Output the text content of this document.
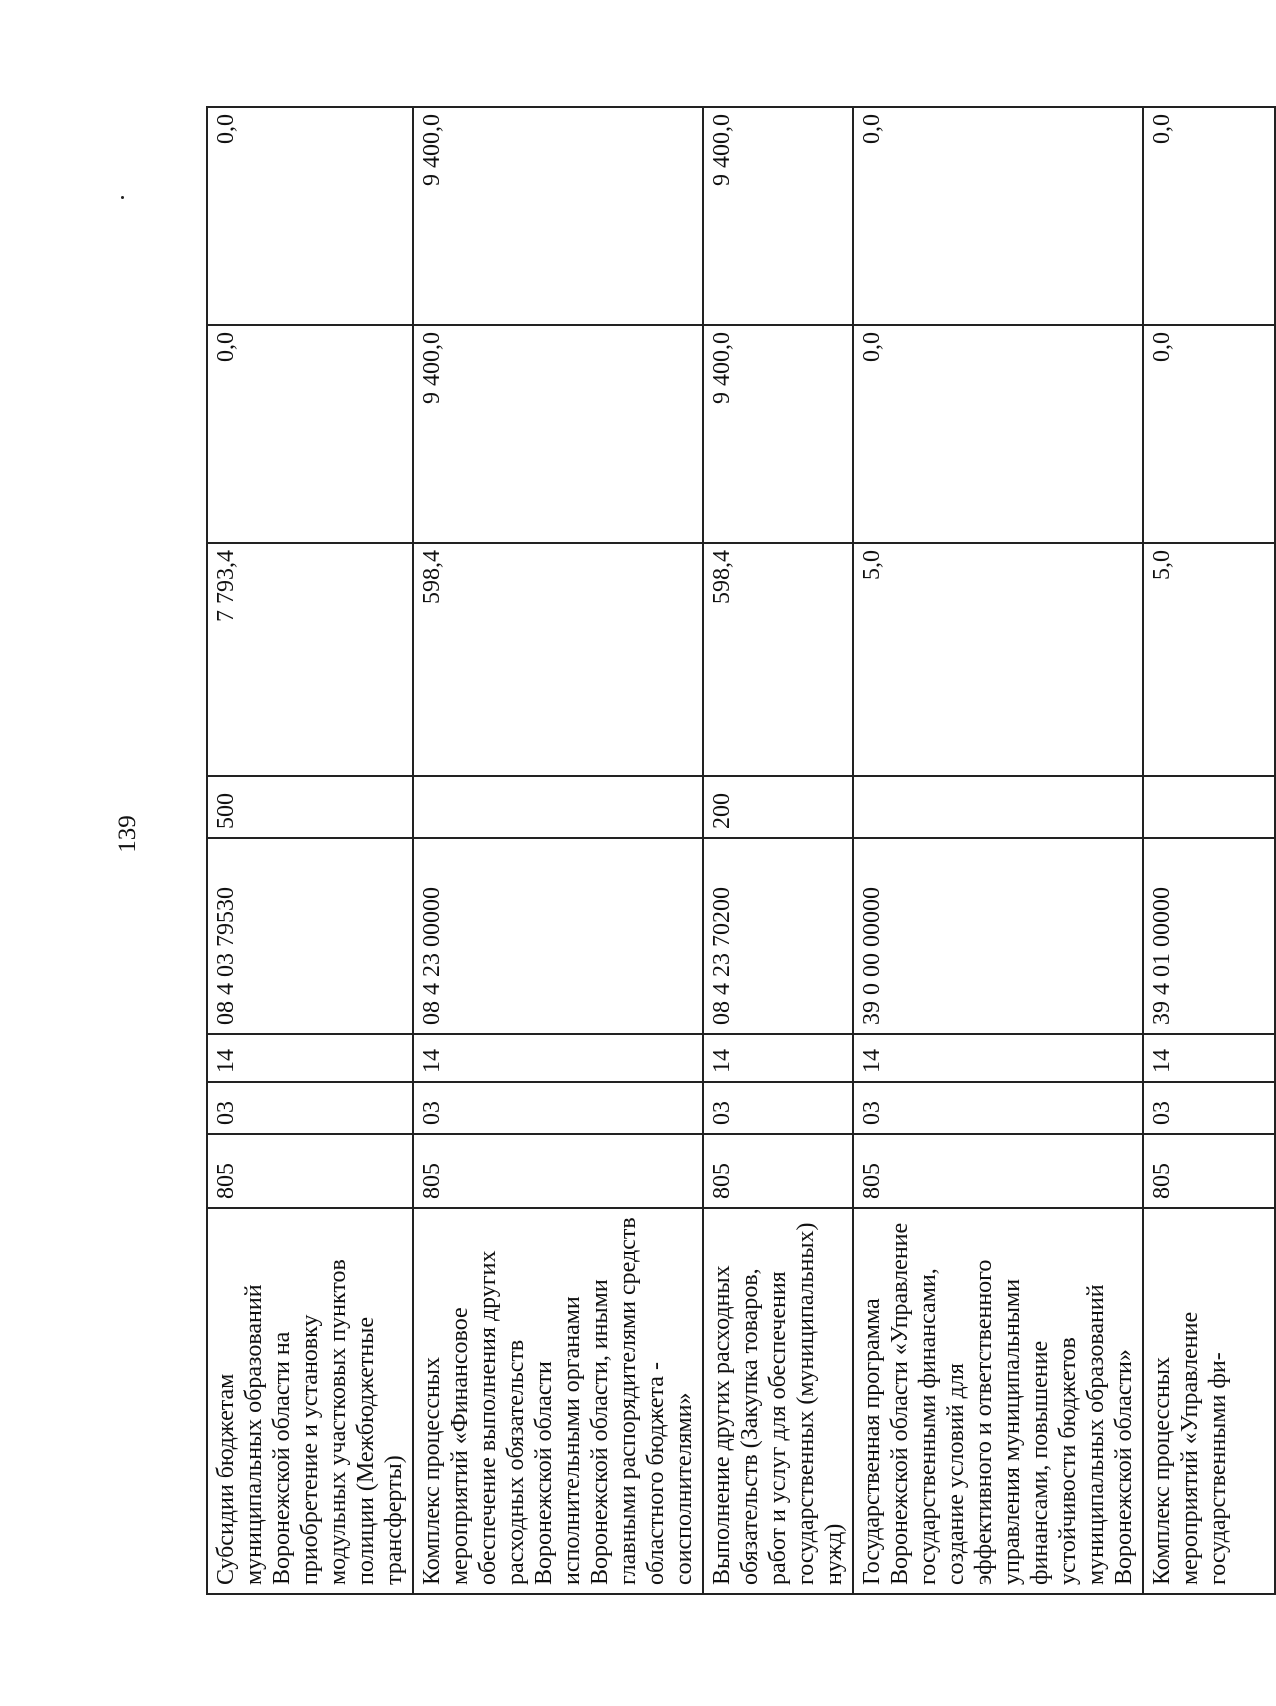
139
Субсидии бюджетам муниципальных образований Воронежской области на приобретение и установку модульных участковых пунктов полиции (Межбюджетные трансферты)	805	03	14	08 4 03 79530	500	7 793,4	0,0	0,0
Комплекс процессных мероприятий «Финансовое обеспечение выполнения других расходных обязательств Воронежской области исполнительными органами Воронежской области, иными главными распорядителями средств областного бюджета - соисполнителями»	805	03	14	08 4 23 00000		598,4	9 400,0	9 400,0
Выполнение других расходных обязательств (Закупка товаров, работ и услуг для обеспечения государственных (муниципальных) нужд)	805	03	14	08 4 23 70200	200	598,4	9 400,0	9 400,0
Государственная программа Воронежской области «Управление государственными финансами, создание условий для эффективного и ответственного управления муниципальными финансами, повышение устойчивости бюджетов муниципальных образований Воронежской области»	805	03	14	39 0 00 00000		5,0	0,0	0,0
Комплекс процессных мероприятий «Управление государственными фи-	805	03	14	39 4 01 00000		5,0	0,0	0,0
